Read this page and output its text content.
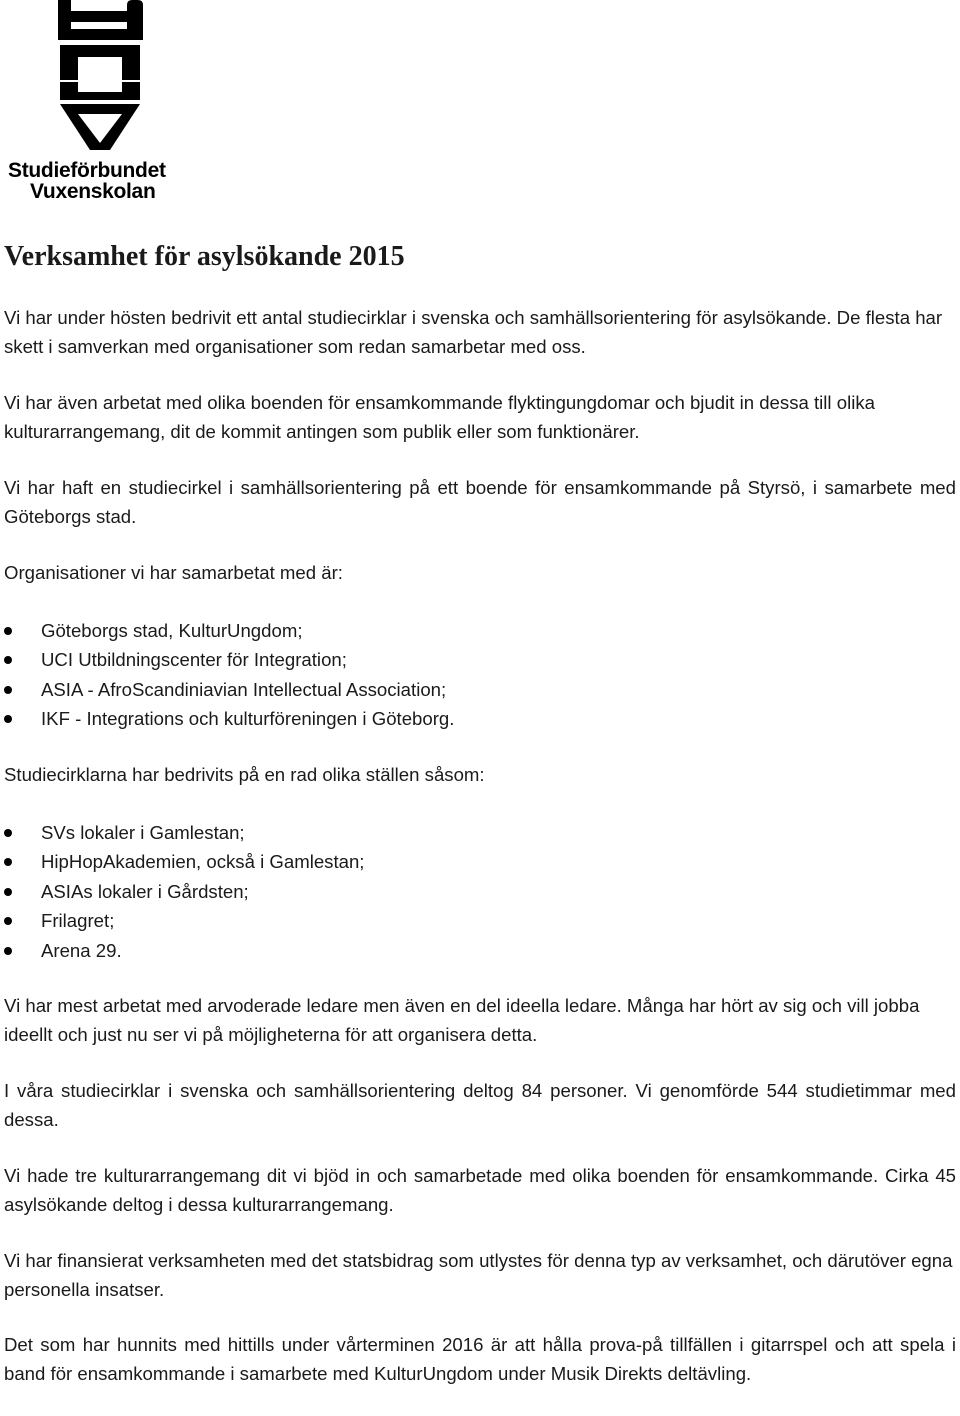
Studieförbundet
Vuxenskolan
Verksamhet för asylsökande 2015

Vi har under hösten bedrivit ett antal studiecirklar i svenska och samhällsorientering för asylsökande. De flesta har skett i samverkan med organisationer som redan samarbetar med oss.

Vi har även arbetat med olika boenden för ensamkommande flyktingungdomar och bjudit in dessa till olika kulturarrangemang, dit de kommit antingen som publik eller som funktionärer.

Vi har haft en studiecirkel i samhällsorientering på ett boende för ensamkommande på Styrsö, i samarbete med Göteborgs stad.

Organisationer vi har samarbetat med är:

Göteborgs stad, KulturUngdom;
UCI Utbildningscenter för Integration;
ASIA - AfroScandiniavian Intellectual Association;
IKF - Integrations och kulturföreningen i Göteborg.

Studiecirklarna har bedrivits på en rad olika ställen såsom:

SVs lokaler i Gamlestan;
HipHopAkademien, också i Gamlestan;
ASIAs lokaler i Gårdsten;
Frilagret;
Arena 29.

Vi har mest arbetat med arvoderade ledare men även en del ideella ledare. Många har hört av sig och vill jobba ideellt och just nu ser vi på möjligheterna för att organisera detta.

I våra studiecirklar i svenska och samhällsorientering deltog 84 personer. Vi genomförde 544 studietimmar med dessa.

Vi hade tre kulturarrangemang dit vi bjöd in och samarbetade med olika boenden för ensamkommande. Cirka 45 asylsökande deltog i dessa kulturarrangemang.

Vi har finansierat verksamheten med det statsbidrag som utlystes för denna typ av verksamhet, och därutöver egna personella insatser.

Det som har hunnits med hittills under vårterminen 2016 är att hålla prova-på tillfällen i gitarrspel och att spela i band för ensamkommande i samarbete med KulturUngdom under Musik Direkts deltävling.
